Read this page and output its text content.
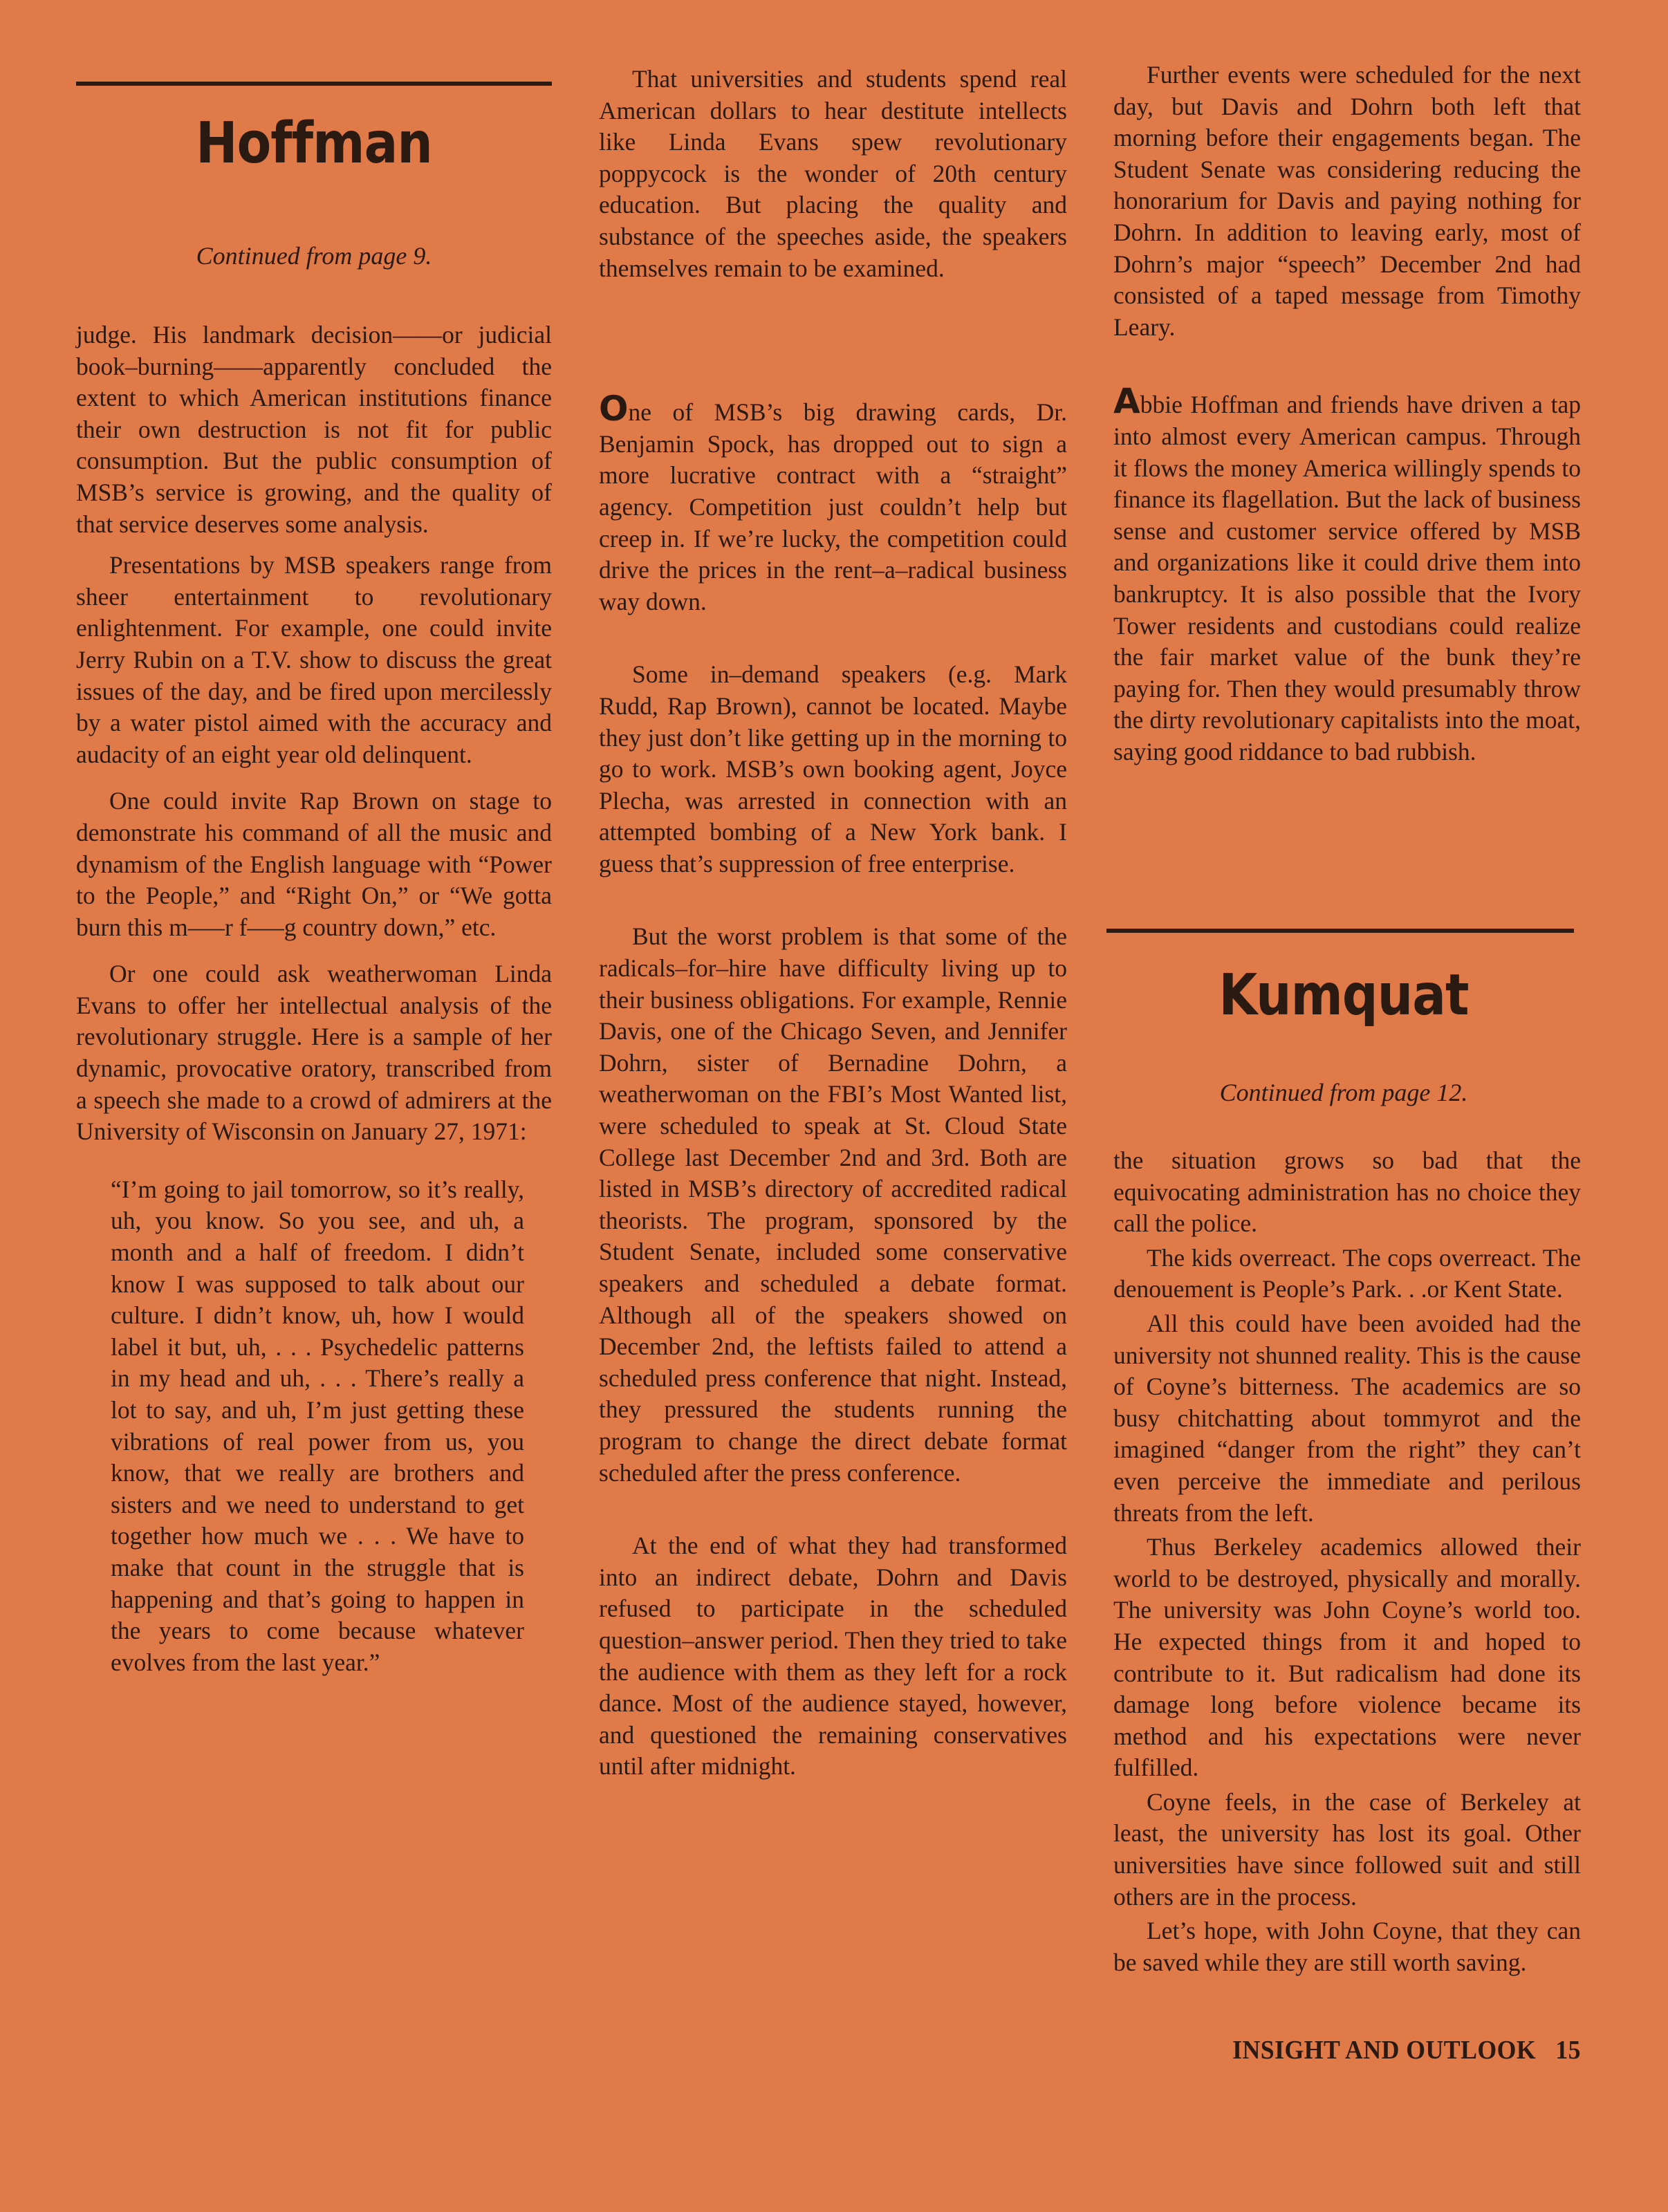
Hoffman

Continued from page 9.

judge. His landmark decision——or judicial book–burning——apparently concluded the extent to which American institutions finance their own destruction is not fit for public consumption. But the public consumption of MSB’s service is growing, and the quality of that service deserves some analysis.

Presentations by MSB speakers range from sheer entertainment to revolutionary enlightenment. For example, one could invite Jerry Rubin on a T.V. show to discuss the great issues of the day, and be fired upon mercilessly by a water pistol aimed with the accuracy and audacity of an eight year old delinquent.

One could invite Rap Brown on stage to demonstrate his command of all the music and dynamism of the English language with “Power to the People,” and “Right On,” or “We gotta burn this m–––r f–––g country down,” etc.

Or one could ask weatherwoman Linda Evans to offer her intellectual analysis of the revolutionary struggle. Here is a sample of her dynamic, provocative oratory, transcribed from a speech she made to a crowd of admirers at the University of Wisconsin on January 27, 1971:

“I’m going to jail tomorrow, so it’s really, uh, you know. So you see, and uh, a month and a half of freedom. I didn’t know I was supposed to talk about our culture. I didn’t know, uh, how I would label it but, uh, . . . Psychedelic patterns in my head and uh, . . . There’s really a lot to say, and uh, I’m just getting these vibrations of real power from us, you know, that we really are brothers and sisters and we need to understand to get together how much we . . . We have to make that count in the struggle that is happening and that’s going to happen in the years to come because whatever evolves from the last year.”

That universities and students spend real American dollars to hear destitute intellects like Linda Evans spew revolutionary poppycock is the wonder of 20th century education. But placing the quality and substance of the speeches aside, the speakers themselves remain to be examined.

One of MSB’s big drawing cards, Dr. Benjamin Spock, has dropped out to sign a more lucrative contract with a “straight” agency. Competition just couldn’t help but creep in. If we’re lucky, the competition could drive the prices in the rent–a–radical business way down.

Some in–demand speakers (e.g. Mark Rudd, Rap Brown), cannot be located. Maybe they just don’t like getting up in the morning to go to work. MSB’s own booking agent, Joyce Plecha, was arrested in connection with an attempted bombing of a New York bank. I guess that’s suppression of free enterprise.

But the worst problem is that some of the radicals–for–hire have difficulty living up to their business obligations. For example, Rennie Davis, one of the Chicago Seven, and Jennifer Dohrn, sister of Bernadine Dohrn, a weatherwoman on the FBI’s Most Wanted list, were scheduled to speak at St. Cloud State College last December 2nd and 3rd. Both are listed in MSB’s directory of accredited radical theorists. The program, sponsored by the Student Senate, included some conservative speakers and scheduled a debate format. Although all of the speakers showed on December 2nd, the leftists failed to attend a scheduled press conference that night. Instead, they pressured the students running the program to change the direct debate format scheduled after the press conference.

At the end of what they had transformed into an indirect debate, Dohrn and Davis refused to participate in the scheduled question–answer period. Then they tried to take the audience with them as they left for a rock dance. Most of the audience stayed, however, and questioned the remaining conservatives until after midnight.

Further events were scheduled for the next day, but Davis and Dohrn both left that morning before their engagements began. The Student Senate was considering reducing the honorarium for Davis and paying nothing for Dohrn. In addition to leaving early, most of Dohrn’s major “speech” December 2nd had consisted of a taped message from Timothy Leary.

Abbie Hoffman and friends have driven a tap into almost every American campus. Through it flows the money America willingly spends to finance its flagellation. But the lack of business sense and customer service offered by MSB and organizations like it could drive them into bankruptcy. It is also possible that the Ivory Tower residents and custodians could realize the fair market value of the bunk they’re paying for. Then they would presumably throw the dirty revolutionary capitalists into the moat, saying good riddance to bad rubbish.

Kumquat

Continued from page 12.

the situation grows so bad that the equivocating administration has no choice they call the police.

The kids overreact. The cops overreact. The denouement is People’s Park. . .or Kent State.

All this could have been avoided had the university not shunned reality. This is the cause of Coyne’s bitterness. The academics are so busy chitchatting about tommyrot and the imagined “danger from the right” they can’t even perceive the immediate and perilous threats from the left.

Thus Berkeley academics allowed their world to be destroyed, physically and morally. The university was John Coyne’s world too. He expected things from it and hoped to contribute to it. But radicalism had done its damage long before violence became its method and his expectations were never fulfilled.

Coyne feels, in the case of Berkeley at least, the university has lost its goal. Other universities have since followed suit and still others are in the process.

Let’s hope, with John Coyne, that they can be saved while they are still worth saving.

INSIGHT AND OUTLOOK   15
